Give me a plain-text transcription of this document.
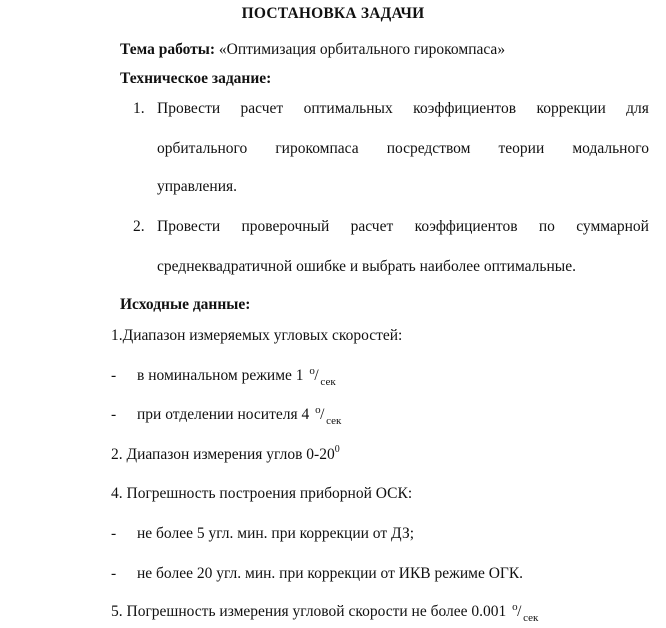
ПОСТАНОВКА ЗАДАЧИ
Тема работы: «Оптимизация орбитального гирокомпаса»
Техническое задание:
1. Провести расчет оптимальных коэффициентов коррекции для
орбитального гирокомпаса посредством теории модального
управления.
2. Провести проверочный расчет коэффициентов по суммарной
среднеквадратичной ошибке и выбрать наиболее оптимальные.
Исходные данные:
1.Диапазон измеряемых угловых скоростей:
- в номинальном режиме 1 о / сек
- при отделении носителя 4 о / сек
2. Диапазон измерения углов $0-20^0$
4. Погрешность построения приборной ОСК:
- не более 5 угл. мин. при коррекции от ДЗ;
- не более 20 угл. мин. при коррекции от ИКВ режиме ОГК.
5. Погрешность измерения угловой скорости не более 0.001 о / сек
